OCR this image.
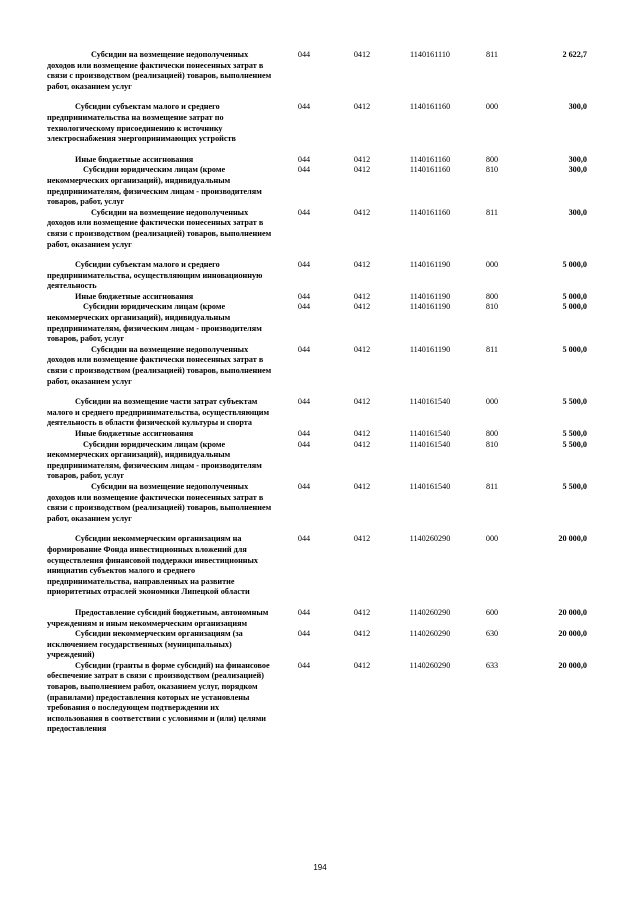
Субсидии на возмещение недополученных доходов или возмещение фактически понесенных затрат в связи с производством (реализацией) товаров, выполнением работ, оказанием услуг	044	0412	1140161110	811	2 622,7

Субсидии субъектам малого и среднего предпринимательства на возмещение затрат по технологическому присоединению к источнику электроснабжения энергопринимающих устройств	044	0412	1140161160	000	300,0

Иные бюджетные ассигнования	044	0412	1140161160	800	300,0

Субсидии юридическим лицам (кроме некоммерческих организаций), индивидуальным предпринимателям, физическим лицам - производителям товаров, работ, услуг	044	0412	1140161160	810	300,0

Субсидии на возмещение недополученных доходов или возмещение фактически понесенных затрат в связи с производством (реализацией) товаров, выполнением работ, оказанием услуг	044	0412	1140161160	811	300,0

Субсидии субъектам малого и среднего предпринимательства, осуществляющим инновационную деятельность	044	0412	1140161190	000	5 000,0

Иные бюджетные ассигнования	044	0412	1140161190	800	5 000,0

Субсидии юридическим лицам (кроме некоммерческих организаций), индивидуальным предпринимателям, физическим лицам - производителям товаров, работ, услуг	044	0412	1140161190	810	5 000,0

Субсидии на возмещение недополученных доходов или возмещение фактически понесенных затрат в связи с производством (реализацией) товаров, выполнением работ, оказанием услуг	044	0412	1140161190	811	5 000,0

Субсидии на возмещение части затрат субъектам малого и среднего предпринимательства, осуществляющим деятельность в области физической культуры и спорта	044	0412	1140161540	000	5 500,0

Иные бюджетные ассигнования	044	0412	1140161540	800	5 500,0

Субсидии юридическим лицам (кроме некоммерческих организаций), индивидуальным предпринимателям, физическим лицам - производителям товаров, работ, услуг	044	0412	1140161540	810	5 500,0

Субсидии на возмещение недополученных доходов или возмещение фактически понесенных затрат в связи с производством (реализацией) товаров, выполнением работ, оказанием услуг	044	0412	1140161540	811	5 500,0

Субсидии некоммерческим организациям на формирование Фонда инвестиционных вложений для осуществления финансовой поддержки инвестиционных инициатив субъектов малого и среднего предпринимательства, направленных на развитие приоритетных отраслей экономики Липецкой области	044	0412	1140260290	000	20 000,0

Предоставление субсидий бюджетным, автономным учреждениям и иным некоммерческим организациям	044	0412	1140260290	600	20 000,0

Субсидии некоммерческим организациям (за исключением государственных (муниципальных) учреждений)	044	0412	1140260290	630	20 000,0

Субсидии (гранты в форме субсидий) на финансовое обеспечение затрат в связи с производством (реализацией) товаров, выполнением работ, оказанием услуг, порядком (правилами) предоставления которых не установлены требования о последующем подтверждении их использования в соответствии с условиями и (или) целями предоставления	044	0412	1140260290	633	20 000,0
194
